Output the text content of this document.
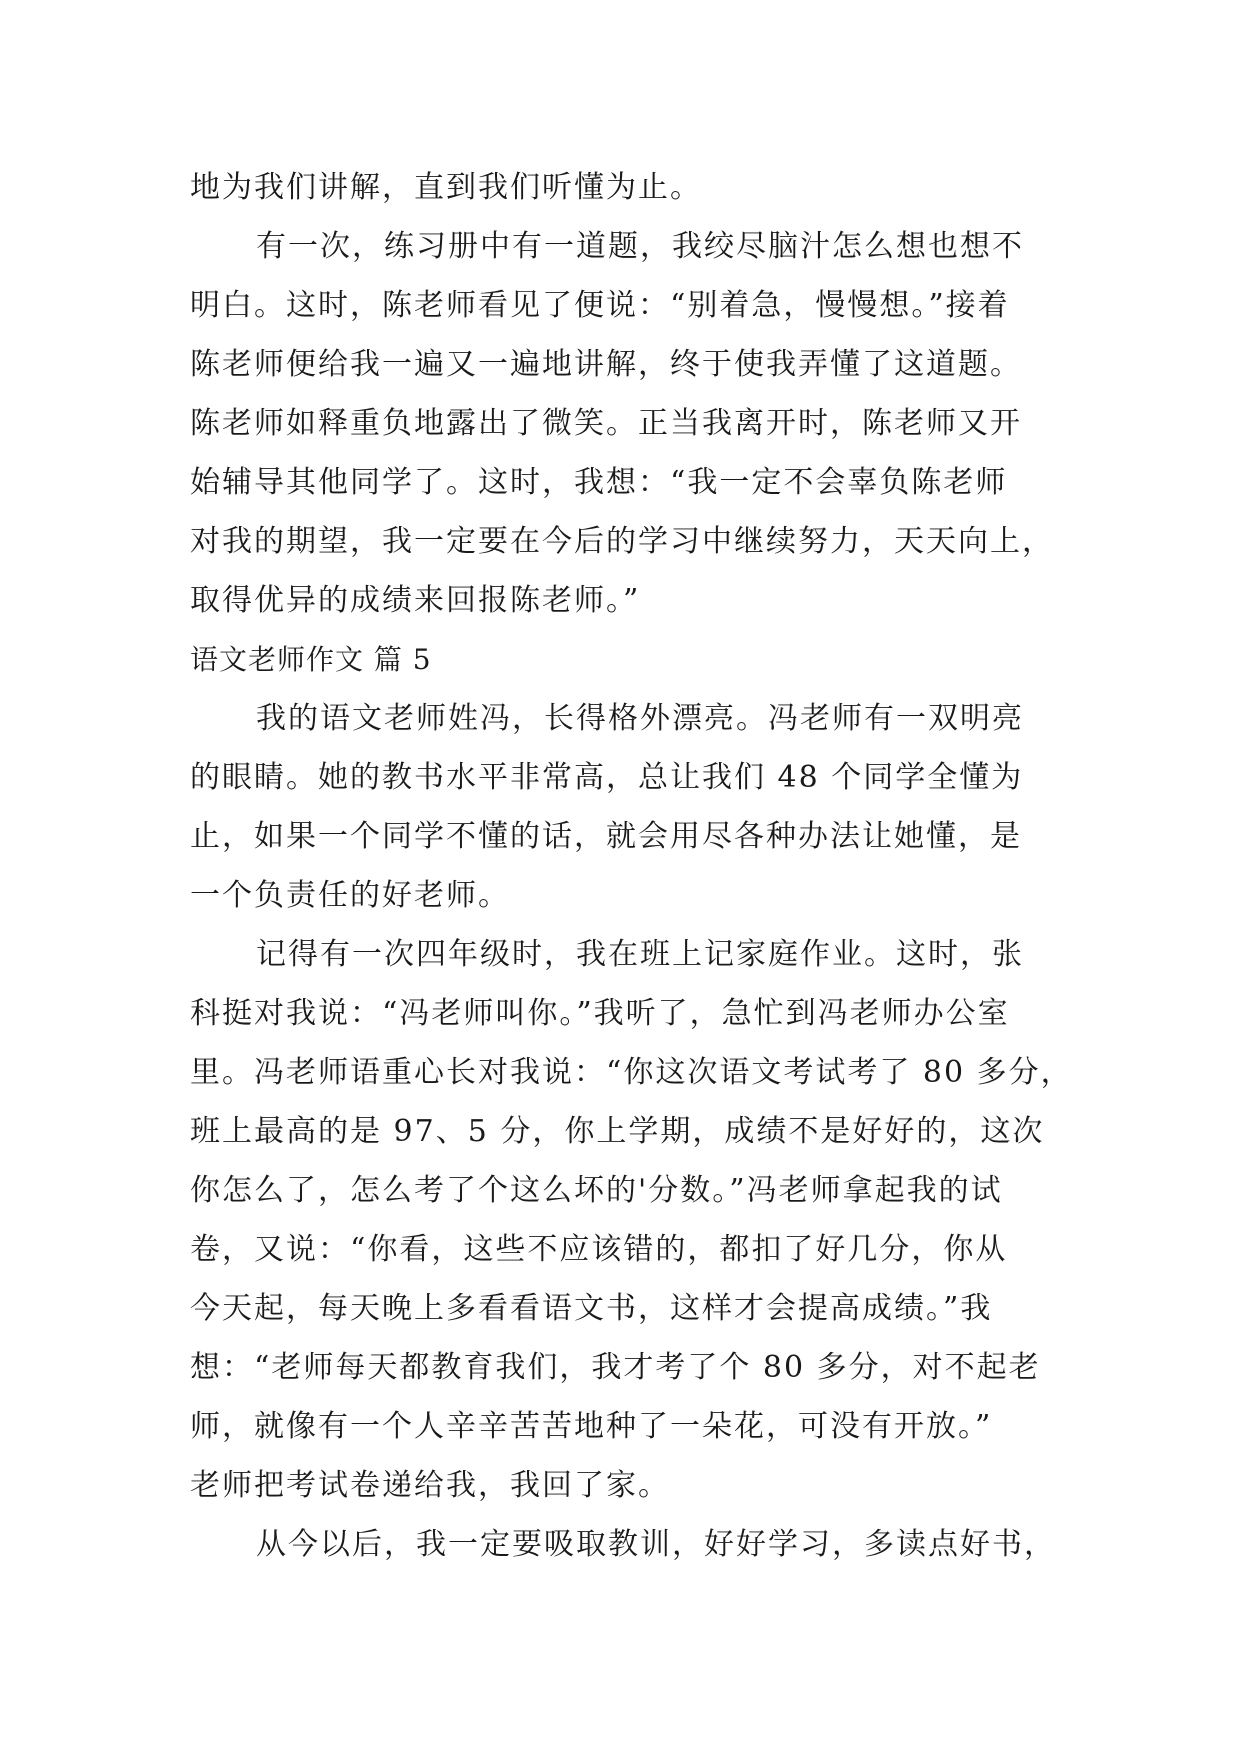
地为我们讲解，直到我们听懂为止。
有一次，练习册中有一道题，我绞尽脑汁怎么想也想不
明白。这时，陈老师看见了便说：“别着急，慢慢想。”接着
陈老师便给我一遍又一遍地讲解，终于使我弄懂了这道题。
陈老师如释重负地露出了微笑。正当我离开时，陈老师又开
始辅导其他同学了。这时，我想：“我一定不会辜负陈老师
对我的期望，我一定要在今后的学习中继续努力，天天向上，
取得优异的成绩来回报陈老师。”
语文老师作文 篇 5
我的语文老师姓冯，长得格外漂亮。冯老师有一双明亮
的眼睛。她的教书水平非常高，总让我们 48 个同学全懂为
止，如果一个同学不懂的话，就会用尽各种办法让她懂，是
一个负责任的好老师。
记得有一次四年级时，我在班上记家庭作业。这时，张
科挺对我说：“冯老师叫你。”我听了，急忙到冯老师办公室
里。冯老师语重心长对我说：“你这次语文考试考了 80 多分，
班上最高的是 97、5 分，你上学期，成绩不是好好的，这次
你怎么了，怎么考了个这么坏的'分数。”冯老师拿起我的试
卷，又说：“你看，这些不应该错的，都扣了好几分，你从
今天起，每天晚上多看看语文书，这样才会提高成绩。”我
想：“老师每天都教育我们，我才考了个 80 多分，对不起老
师，就像有一个人辛辛苦苦地种了一朵花，可没有开放。”
老师把考试卷递给我，我回了家。
从今以后，我一定要吸取教训，好好学习，多读点好书，
